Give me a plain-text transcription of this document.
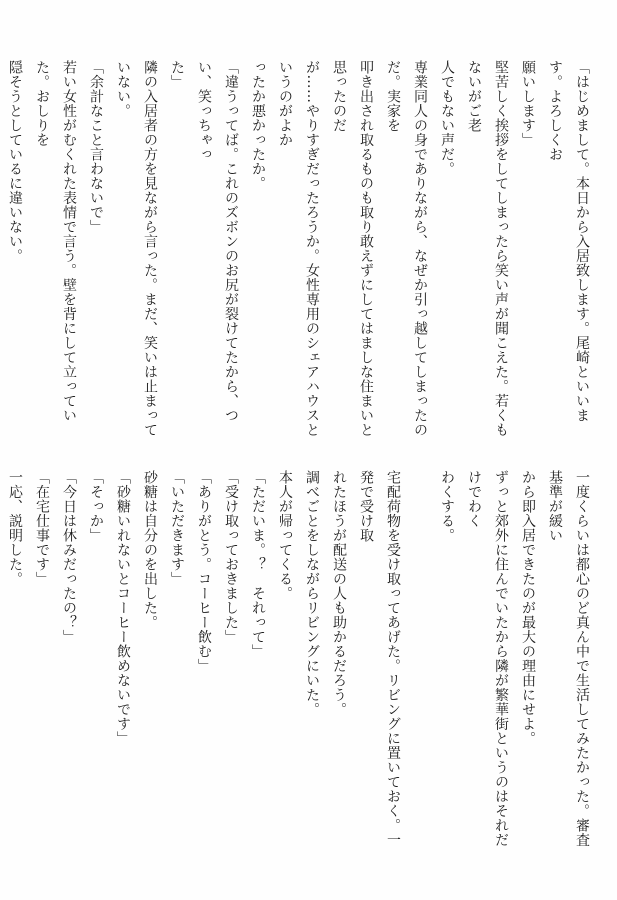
「はじめまして。本日から入居致します。尾崎といいます。よろしくお

願いします」

堅苦しく挨拶をしてしまったら笑い声が聞こえた。若くもないがご老

人でもない声だ。

専業同人の身でありながら、なぜか引っ越してしまったのだ。実家を

叩き出され取るものも取り敢えずにしてはましな住まいと思ったのだ

が……やりすぎだったろうか。女性専用のシェアハウスというのがよか

ったか悪かったか。

「違うってば。これのズボンのお尻が裂けてたから、つい、笑っちゃっ

た」

隣の入居者の方を見ながら言った。まだ、笑いは止まっていない。

「余計なこと言わないで」

若い女性がむくれた表情で言う。壁を背にして立っていた。おしりを

隠そうとしているに違いない。

一度くらいは都心のど真ん中で生活してみたかった。審査基準が緩い

から即入居できたのが最大の理由にせよ。

ずっと郊外に住んでいたから隣が繁華街というのはそれだけでわく

わくする。

宅配荷物を受け取ってあげた。リビングに置いておく。一発で受け取

れたほうが配送の人も助かるだろう。

調べごとをしながらリビングにいた。

本人が帰ってくる。

「ただいま。？　それって」

「受け取っておきました」

「ありがとう。コーヒー飲む」

「いただきます」

砂糖は自分のを出した。

「砂糖いれないとコーヒー飲めないです」

「そっか」

「今日は休みだったの？」

「在宅仕事です」

一応、説明した。
